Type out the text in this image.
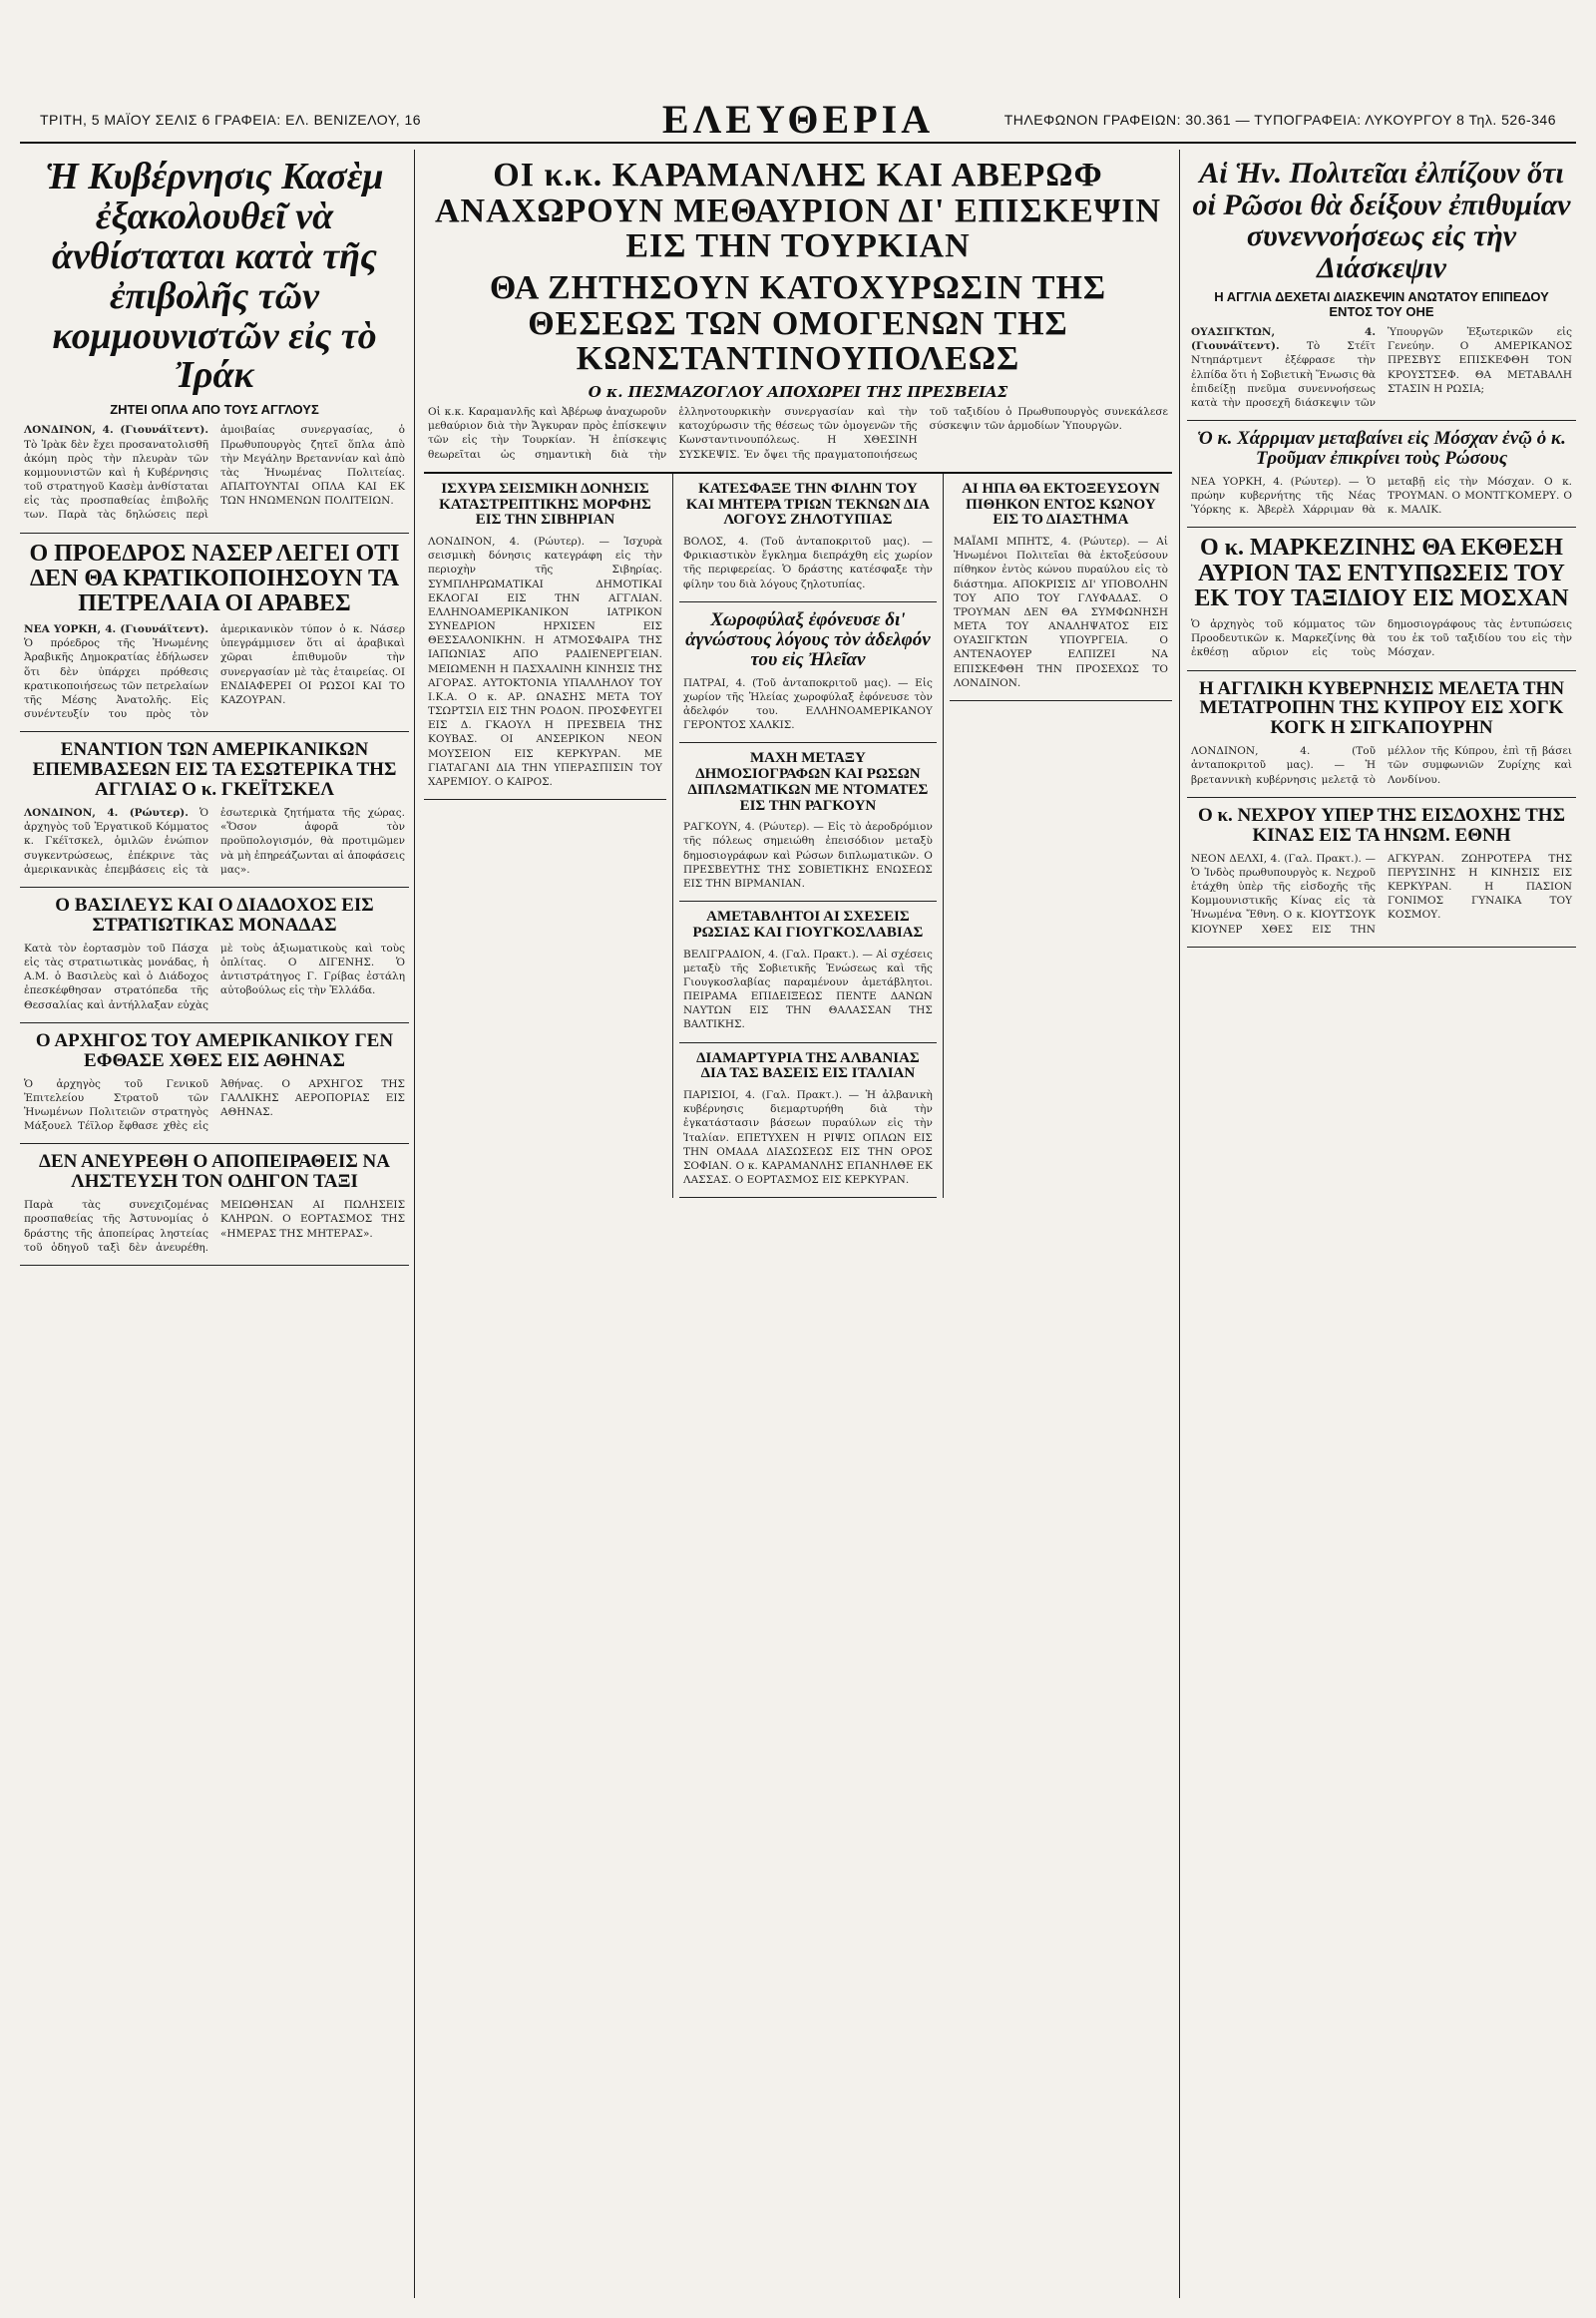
ΤΡΙΤΗ, 5 ΜΑΪΟΥ ΣΕΛΙΣ 6 ΓΡΑΦΕΙΑ: ΕΛ. ΒΕΝΙΖΕΛΟΥ, 16	ΕΛΕΥΘΕΡΙΑ	ΤΗΛΕΦΩΝΟΝ ΓΡΑΦΕΙΩΝ: 30.361 — ΤΥΠΟΓΡΑΦΕΙΑ: ΛΥΚΟΥΡΓΟΥ 8 Τηλ. 526-346
Ἡ Κυβέρνησις Κασὲμ ἐξακολουθεῖ νὰ ἀνθίσταται κατὰ τῆς ἐπιβολῆς τῶν κομμουνιστῶν εἰς τὸ Ἰράκ
ΖΗΤΕΙ ΟΠΛΑ ΑΠΟ ΤΟΥΣ ΑΓΓΛΟΥΣ
ΛΟΝΔΙΝΟΝ, 4. (Γιουνάϊτεντ). Τὸ Ἰρὰκ δὲν ἔχει προσανατολισθῆ ἀκόμη πρὸς τὴν πλευρὰν τῶν κομμουνιστῶν καὶ ἡ Κυβέρνησις τοῦ στρατηγοῦ Κασὲμ ἀνθίσταται εἰς τὰς προσπαθείας ἐπιβολῆς των. Παρὰ τὰς δηλώσεις περὶ ἀμοιβαίας συνεργασίας, ὁ Πρωθυπουργὸς ζητεῖ ὅπλα ἀπὸ τὴν Μεγάλην Βρεταννίαν καὶ ἀπὸ τὰς Ἡνωμένας Πολιτείας. ΑΠΑΙΤΟΥΝΤΑΙ ΟΠΛΑ ΚΑΙ ΕΚ ΤΩΝ ΗΝΩΜΕΝΩΝ ΠΟΛΙΤΕΙΩΝ.
Ο ΠΡΟΕΔΡΟΣ ΝΑΣΕΡ ΛΕΓΕΙ ΟΤΙ ΔΕΝ ΘΑ ΚΡΑΤΙΚΟΠΟΙΗΣΟΥΝ ΤΑ ΠΕΤΡΕΛΑΙΑ ΟΙ ΑΡΑΒΕΣ
ΝΕΑ ΥΟΡΚΗ, 4. (Γιουνάϊτεντ). Ὁ πρόεδρος τῆς Ἡνωμένης Ἀραβικῆς Δημοκρατίας ἐδήλωσεν ὅτι δὲν ὑπάρχει πρόθεσις κρατικοποιήσεως τῶν πετρελαίων τῆς Μέσης Ἀνατολῆς. Εἰς συνέντευξίν του πρὸς τὸν ἀμερικανικὸν τύπον ὁ κ. Νάσερ ὑπεγράμμισεν ὅτι αἱ ἀραβικαὶ χῶραι ἐπιθυμοῦν τὴν συνεργασίαν μὲ τὰς ἑταιρείας. ΟΙ ΕΝΔΙΑΦΕΡΕΙ ΟΙ ΡΩΣΟΙ ΚΑΙ ΤΟ ΚΑΖΟΥΡΑΝ.
ΕΝΑΝΤΙΟΝ ΤΩΝ ΑΜΕΡΙΚΑΝΙΚΩΝ ΕΠΕΜΒΑΣΕΩΝ ΕΙΣ ΤΑ ΕΣΩΤΕΡΙΚΑ ΤΗΣ ΑΓΓΛΙΑΣ Ο κ. ΓΚΕΪΤΣΚΕΛ
ΛΟΝΔΙΝΟΝ, 4. (Ρώυτερ). Ὁ ἀρχηγὸς τοῦ Ἐργατικοῦ Κόμματος κ. Γκέϊτσκελ, ὁμιλῶν ἐνώπιον συγκεντρώσεως, ἐπέκρινε τὰς ἀμερικανικὰς ἐπεμβάσεις εἰς τὰ ἐσωτερικὰ ζητήματα τῆς χώρας. «Ὅσον ἀφορᾶ τὸν προϋπολογισμόν, θὰ προτιμῶμεν νὰ μὴ ἐπηρεάζωνται αἱ ἀποφάσεις μας».
Ο ΒΑΣΙΛΕΥΣ ΚΑΙ Ο ΔΙΑΔΟΧΟΣ ΕΙΣ ΣΤΡΑΤΙΩΤΙΚΑΣ ΜΟΝΑΔΑΣ
Κατὰ τὸν ἐορτασμὸν τοῦ Πάσχα εἰς τὰς στρατιωτικὰς μονάδας, ἡ Α.Μ. ὁ Βασιλεὺς καὶ ὁ Διάδοχος ἐπεσκέφθησαν στρατόπεδα τῆς Θεσσαλίας καὶ ἀντήλλαξαν εὐχὰς μὲ τοὺς ἀξιωματικοὺς καὶ τοὺς ὁπλίτας. Ο ΔΙΓΕΝΗΣ. Ὁ ἀντιστράτηγος Γ. Γρίβας ἐστάλη αὐτοβούλως εἰς τὴν Ἑλλάδα.
Ο ΑΡΧΗΓΟΣ ΤΟΥ ΑΜΕΡΙΚΑΝΙΚΟΥ ΓΕΝ ΕΦΘΑΣΕ ΧΘΕΣ ΕΙΣ ΑΘΗΝΑΣ
Ὁ ἀρχηγὸς τοῦ Γενικοῦ Ἐπιτελείου Στρατοῦ τῶν Ἡνωμένων Πολιτειῶν στρατηγὸς Μάξουελ Τέϊλορ ἔφθασε χθὲς εἰς Ἀθήνας. Ο ΑΡΧΗΓΟΣ ΤΗΣ ΓΑΛΛΙΚΗΣ ΑΕΡΟΠΟΡΙΑΣ ΕΙΣ ΑΘΗΝΑΣ.
ΔΕΝ ΑΝΕΥΡΕΘΗ Ο ΑΠΟΠΕΙΡΑΘΕΙΣ ΝΑ ΛΗΣΤΕΥΣΗ ΤΟΝ ΟΔΗΓΟΝ ΤΑΞΙ
Παρὰ τὰς συνεχιζομένας προσπαθείας τῆς Ἀστυνομίας ὁ δράστης τῆς ἀποπείρας ληστείας τοῦ ὁδηγοῦ ταξὶ δὲν ἀνευρέθη. ΜΕΙΩΘΗΣΑΝ ΑΙ ΠΩΛΗΣΕΙΣ ΚΛΗΡΩΝ. Ο ΕΟΡΤΑΣΜΟΣ ΤΗΣ «ΗΜΕΡΑΣ ΤΗΣ ΜΗΤΕΡΑΣ».
ΟΙ κ.κ. ΚΑΡΑΜΑΝΛΗΣ ΚΑΙ ΑΒΕΡΩΦ ΑΝΑΧΩΡΟΥΝ ΜΕΘΑΥΡΙΟΝ ΔΙ' ΕΠΙΣΚΕΨΙΝ ΕΙΣ ΤΗΝ ΤΟΥΡΚΙΑΝ
ΘΑ ΖΗΤΗΣΟΥΝ ΚΑΤΟΧΥΡΩΣΙΝ ΤΗΣ ΘΕΣΕΩΣ ΤΩΝ ΟΜΟΓΕΝΩΝ ΤΗΣ ΚΩΝΣΤΑΝΤΙΝΟΥΠΟΛΕΩΣ
Ο κ. ΠΕΣΜΑΖΟΓΛΟΥ ΑΠΟΧΩΡΕΙ ΤΗΣ ΠΡΕΣΒΕΙΑΣ
Οἱ κ.κ. Καραμανλῆς καὶ Ἀβέρωφ ἀναχωροῦν μεθαύριον διὰ τὴν Ἄγκυραν πρὸς ἐπίσκεψιν τῶν εἰς τὴν Τουρκίαν. Ἡ ἐπίσκεψις θεωρεῖται ὡς σημαντικὴ διὰ τὴν ἑλληνοτουρκικὴν συνεργασίαν καὶ τὴν κατοχύρωσιν τῆς θέσεως τῶν ὁμογενῶν τῆς Κωνσταντινουπόλεως. Η ΧΘΕΣΙΝΗ ΣΥΣΚΕΨΙΣ. Ἐν ὄψει τῆς πραγματοποιήσεως τοῦ ταξιδίου ὁ Πρωθυπουργὸς συνεκάλεσε σύσκεψιν τῶν ἁρμοδίων Ὑπουργῶν.
ΙΣΧΥΡΑ ΣΕΙΣΜΙΚΗ ΔΟΝΗΣΙΣ ΚΑΤΑΣΤΡΕΠΤΙΚΗΣ ΜΟΡΦΗΣ ΕΙΣ ΤΗΝ ΣΙΒΗΡΙΑΝ
ΛΟΝΔΙΝΟΝ, 4. (Ρώυτερ). — Ἰσχυρὰ σεισμικὴ δόνησις κατεγράφη εἰς τὴν περιοχὴν τῆς Σιβηρίας. ΣΥΜΠΛΗΡΩΜΑΤΙΚΑΙ ΔΗΜΟΤΙΚΑΙ ΕΚΛΟΓΑΙ ΕΙΣ ΤΗΝ ΑΓΓΛΙΑΝ. ΕΛΛΗΝΟΑΜΕΡΙΚΑΝΙΚΟΝ ΙΑΤΡΙΚΟΝ ΣΥΝΕΔΡΙΟΝ ΗΡΧΙΣΕΝ ΕΙΣ ΘΕΣΣΑΛΟΝΙΚΗΝ. Η ΑΤΜΟΣΦΑΙΡΑ ΤΗΣ ΙΑΠΩΝΙΑΣ ΑΠΟ ΡΑΔΙΕΝΕΡΓΕΙΑΝ. ΜΕΙΩΜΕΝΗ Η ΠΑΣΧΑΛΙΝΗ ΚΙΝΗΣΙΣ ΤΗΣ ΑΓΟΡΑΣ. ΑΥΤΟΚΤΟΝΙΑ ΥΠΑΛΛΗΛΟΥ ΤΟΥ Ι.Κ.Α. Ο κ. ΑΡ. ΩΝΑΣΗΣ ΜΕΤΑ ΤΟΥ ΤΣΩΡΤΣΙΛ ΕΙΣ ΤΗΝ ΡΟΔΟΝ. ΠΡΟΣΦΕΥΓΕΙ ΕΙΣ Δ. ΓΚΑΟΥΛ Η ΠΡΕΣΒΕΙΑ ΤΗΣ ΚΟΥΒΑΣ. ΟΙ ΑΝΣΕΡΙΚΟΝ ΝΕΟΝ ΜΟΥΣΕΙΟΝ ΕΙΣ ΚΕΡΚΥΡΑΝ. ΜΕ ΓΙΑΤΑΓΑΝΙ ΔΙΑ ΤΗΝ ΥΠΕΡΑΣΠΙΣΙΝ ΤΟΥ ΧΑΡΕΜΙΟΥ. Ο ΚΑΙΡΟΣ.
ΚΑΤΕΣΦΑΞΕ ΤΗΝ ΦΙΛΗΝ ΤΟΥ ΚΑΙ ΜΗΤΕΡΑ ΤΡΙΩΝ ΤΕΚΝΩΝ ΔΙΑ ΛΟΓΟΥΣ ΖΗΛΟΤΥΠΙΑΣ
ΒΟΛΟΣ, 4. (Τοῦ ἀνταποκριτοῦ μας). — Φρικιαστικὸν ἔγκλημα διεπράχθη εἰς χωρίον τῆς περιφερείας. Ὁ δράστης κατέσφαξε τὴν φίλην του διὰ λόγους ζηλοτυπίας.
Χωροφύλαξ ἐφόνευσε δι' ἀγνώστους λόγους τὸν ἀδελφόν του εἰς Ἠλεῖαν
ΠΑΤΡΑΙ, 4. (Τοῦ ἀνταποκριτοῦ μας). — Εἰς χωρίον τῆς Ἠλείας χωροφύλαξ ἐφόνευσε τὸν ἀδελφόν του. ΕΛΛΗΝΟΑΜΕΡΙΚΑΝΟΥ ΓΕΡΟΝΤΟΣ ΧΑΛΚΙΣ.
ΜΑΧΗ ΜΕΤΑΞΥ ΔΗΜΟΣΙΟΓΡΑΦΩΝ ΚΑΙ ΡΩΣΩΝ ΔΙΠΛΩΜΑΤΙΚΩΝ ΜΕ ΝΤΟΜΑΤΕΣ ΕΙΣ ΤΗΝ ΡΑΓΚΟΥΝ
ΡΑΓΚΟΥΝ, 4. (Ρώυτερ). — Εἰς τὸ ἀεροδρόμιον τῆς πόλεως σημειώθη ἐπεισόδιον μεταξὺ δημοσιογράφων καὶ Ρώσων διπλωματικῶν. Ο ΠΡΕΣΒΕΥΤΗΣ ΤΗΣ ΣΟΒΙΕΤΙΚΗΣ ΕΝΩΣΕΩΣ ΕΙΣ ΤΗΝ ΒΙΡΜΑΝΙΑΝ.
ΑΜΕΤΑΒΛΗΤΟΙ ΑΙ ΣΧΕΣΕΙΣ ΡΩΣΙΑΣ ΚΑΙ ΓΙΟΥΓΚΟΣΛΑΒΙΑΣ
ΒΕΛΙΓΡΑΔΙΟΝ, 4. (Γαλ. Πρακτ.). — Αἱ σχέσεις μεταξὺ τῆς Σοβιετικῆς Ἑνώσεως καὶ τῆς Γιουγκοσλαβίας παραμένουν ἀμετάβλητοι. ΠΕΙΡΑΜΑ ΕΠΙΔΕΙΞΕΩΣ ΠΕΝΤΕ ΔΑΝΩΝ ΝΑΥΤΩΝ ΕΙΣ ΤΗΝ ΘΑΛΑΣΣΑΝ ΤΗΣ ΒΑΛΤΙΚΗΣ.
ΔΙΑΜΑΡΤΥΡΙΑ ΤΗΣ ΑΛΒΑΝΙΑΣ ΔΙΑ ΤΑΣ ΒΑΣΕΙΣ ΕΙΣ ΙΤΑΛΙΑΝ
ΠΑΡΙΣΙΟΙ, 4. (Γαλ. Πρακτ.). — Ἡ ἀλβανικὴ κυβέρνησις διεμαρτυρήθη διὰ τὴν ἐγκατάστασιν βάσεων πυραύλων εἰς τὴν Ἰταλίαν. ΕΠΕΤΥΧΕΝ Η ΡΙΨΙΣ ΟΠΛΩΝ ΕΙΣ ΤΗΝ ΟΜΑΔΑ ΔΙΑΣΩΣΕΩΣ ΕΙΣ ΤΗΝ ΟΡΟΣ ΣΟΦΙΑΝ. Ο κ. ΚΑΡΑΜΑΝΛΗΣ ΕΠΑΝΗΛΘΕ ΕΚ ΛΑΣΣΑΣ. Ο ΕΟΡΤΑΣΜΟΣ ΕΙΣ ΚΕΡΚΥΡΑΝ.
ΑΙ ΗΠΑ ΘΑ ΕΚΤΟΞΕΥΣΟΥΝ ΠΙΘΗΚΟΝ ΕΝΤΟΣ ΚΩΝΟΥ ΕΙΣ ΤΟ ΔΙΑΣΤΗΜΑ
ΜΑΪΑΜΙ ΜΠΗΤΣ, 4. (Ρώυτερ). — Αἱ Ἡνωμένοι Πολιτεῖαι θὰ ἐκτοξεύσουν πίθηκον ἐντὸς κώνου πυραύλου εἰς τὸ διάστημα. ΑΠΟΚΡΙΣΙΣ ΔΙ' ΥΠΟΒΟΛΗΝ ΤΟΥ ΑΠΟ ΤΟΥ ΓΛΥΦΑΔΑΣ. Ο ΤΡΟΥΜΑΝ ΔΕΝ ΘΑ ΣΥΜΦΩΝΗΣΗ ΜΕΤΑ ΤΟΥ ΑΝΑΛΗΨΑΤΟΣ ΕΙΣ ΟΥΑΣΙΓΚΤΩΝ ΥΠΟΥΡΓΕΙΑ. Ο ΑΝΤΕΝΑΟΥΕΡ ΕΛΠΙΖΕΙ ΝΑ ΕΠΙΣΚΕΦΘΗ ΤΗΝ ΠΡΟΣΕΧΩΣ ΤΟ ΛΟΝΔΙΝΟΝ.
Αἱ Ἡν. Πολιτεῖαι ἐλπίζουν ὅτι οἱ Ρῶσοι θὰ δείξουν ἐπιθυμίαν συνεννοήσεως εἰς τὴν Διάσκεψιν
Η ΑΓΓΛΙΑ ΔΕΧΕΤΑΙ ΔΙΑΣΚΕΨΙΝ ΑΝΩΤΑΤΟΥ ΕΠΙΠΕΔΟΥ ΕΝΤΟΣ ΤΟΥ ΟΗΕ
ΟΥΑΣΙΓΚΤΩΝ, 4. (Γιουνάϊτεντ).	Τὸ Στέϊτ Ντηπάρτμεντ ἐξέφρασε τὴν ἐλπίδα ὅτι ἡ Σοβιετικὴ Ἕνωσις θὰ ἐπιδείξῃ πνεῦμα συνεννοήσεως κατὰ τὴν προσεχῆ διάσκεψιν τῶν Ὑπουργῶν Ἐξωτερικῶν εἰς Γενεύην. Ο ΑΜΕΡΙΚΑΝΟΣ ΠΡΕΣΒΥΣ ΕΠΙΣΚΕΦΘΗ ΤΟΝ ΚΡΟΥΣΤΣΕΦ. ΘΑ ΜΕΤΑΒΑΛΗ ΣΤΑΣΙΝ Η ΡΩΣΙΑ;
Ὁ κ. Χάρριμαν μεταβαίνει εἰς Μόσχαν ἐνῷ ὁ κ. Τροῦμαν ἐπικρίνει τοὺς Ρώσους
ΝΕΑ ΥΟΡΚΗ, 4. (Ρώυτερ). — Ὁ πρώην κυβερνήτης τῆς Νέας Ὑόρκης κ. Ἀβερὲλ Χάρριμαν θὰ μεταβῇ εἰς τὴν Μόσχαν. Ο κ. ΤΡΟΥΜΑΝ. Ο ΜΟΝΤΓΚΟΜΕΡΥ. Ο κ. ΜΑΛΙΚ.
Ο κ. ΜΑΡΚΕΖΙΝΗΣ ΘΑ ΕΚΘΕΣΗ ΑΥΡΙΟΝ ΤΑΣ ΕΝΤΥΠΩΣΕΙΣ ΤΟΥ ΕΚ ΤΟΥ ΤΑΞΙΔΙΟΥ ΕΙΣ ΜΟΣΧΑΝ
Ὁ ἀρχηγὸς τοῦ κόμματος τῶν Προοδευτικῶν κ. Μαρκεζίνης θὰ ἐκθέσῃ αὔριον εἰς τοὺς δημοσιογράφους τὰς ἐντυπώσεις του ἐκ τοῦ ταξιδίου του εἰς τὴν Μόσχαν.
Η ΑΓΓΛΙΚΗ ΚΥΒΕΡΝΗΣΙΣ ΜΕΛΕΤΑ ΤΗΝ ΜΕΤΑΤΡΟΠΗΝ ΤΗΣ ΚΥΠΡΟΥ ΕΙΣ ΧΟΓΚ ΚΟΓΚ Η ΣΙΓΚΑΠΟΥΡΗΝ
ΛΟΝΔΙΝΟΝ, 4. (Τοῦ ἀνταποκριτοῦ μας). — Ἡ βρεταννικὴ κυβέρνησις μελετᾷ τὸ μέλλον τῆς Κύπρου, ἐπὶ τῇ βάσει τῶν συμφωνιῶν Ζυρίχης καὶ Λονδίνου.
Ο κ. ΝΕΧΡΟΥ ΥΠΕΡ ΤΗΣ ΕΙΣΔΟΧΗΣ ΤΗΣ ΚΙΝΑΣ ΕΙΣ ΤΑ ΗΝΩΜ. ΕΘΝΗ
ΝΕΟΝ ΔΕΛΧΙ, 4. (Γαλ. Πρακτ.). — Ὁ Ἰνδὸς πρωθυπουργὸς κ. Νεχροῦ ἐτάχθη ὑπὲρ τῆς εἰσδοχῆς τῆς Κομμουνιστικῆς Κίνας εἰς τὰ Ἡνωμένα Ἔθνη. Ο κ. ΚΙΟΥΤΣΟΥΚ ΚΙΟΥΝΕΡ ΧΘΕΣ ΕΙΣ ΤΗΝ ΑΓΚΥΡΑΝ. ΖΩΗΡΟΤΕΡΑ ΤΗΣ ΠΕΡΥΣΙΝΗΣ Η ΚΙΝΗΣΙΣ ΕΙΣ ΚΕΡΚΥΡΑΝ. Η ΠΑΣΙΟΝ ΓΟΝΙΜΟΣ ΓΥΝΑΙΚΑ ΤΟΥ ΚΟΣΜΟΥ.
